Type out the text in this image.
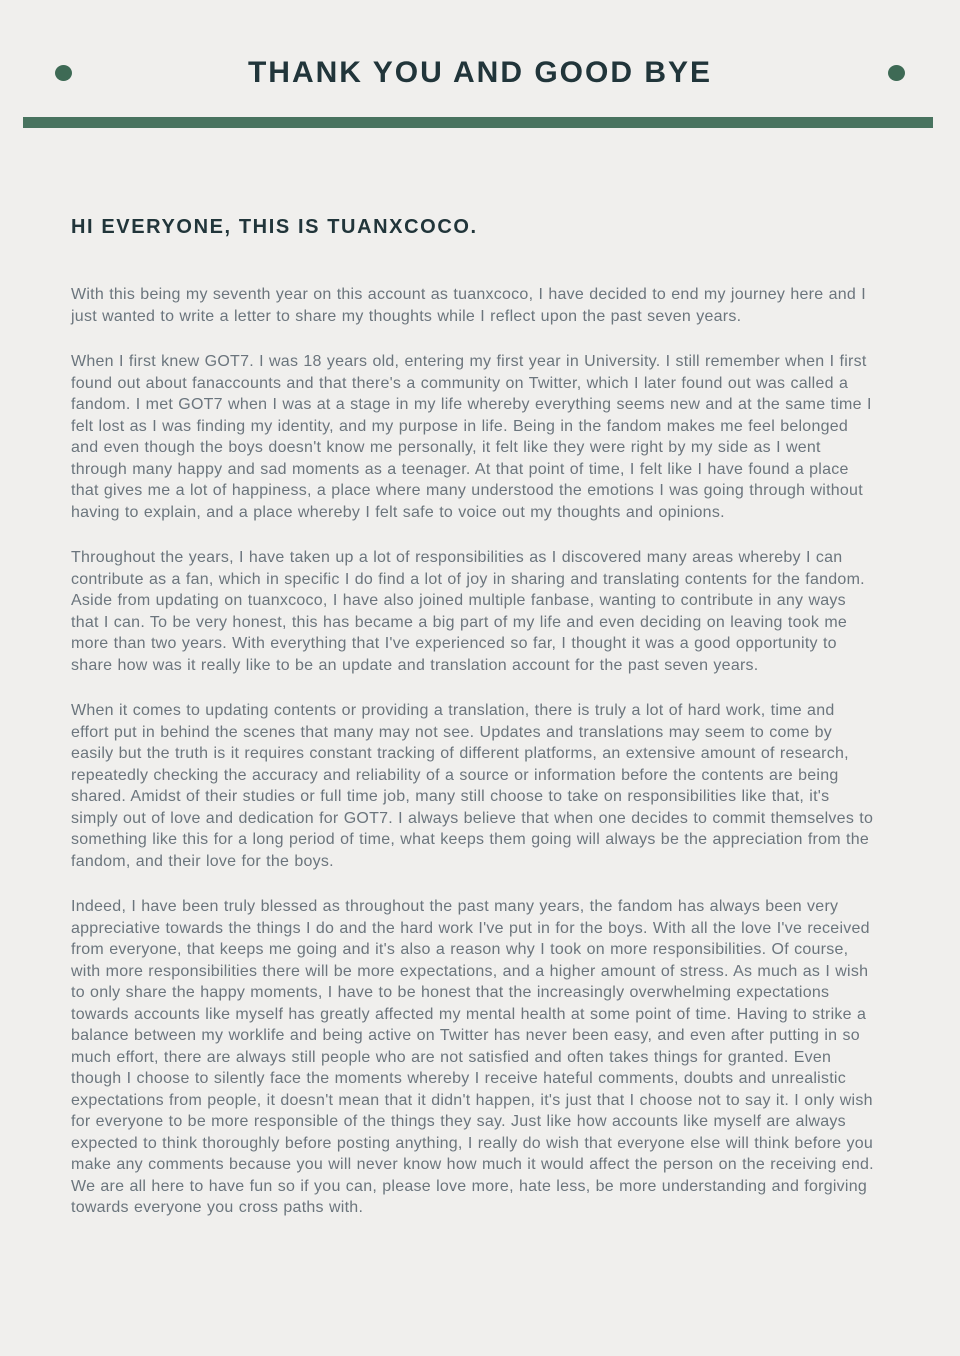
THANK YOU AND GOOD BYE
HI EVERYONE, THIS IS TUANXCOCO.

With this being my seventh year on this account as tuanxcoco, I have decided to end my journey here and I just wanted to write a letter to share my thoughts while I reflect upon the past seven years.

When I first knew GOT7. I was 18 years old, entering my first year in University. I still remember when I first found out about fanaccounts and that there's a community on Twitter, which I later found out was called a fandom. I met GOT7 when I was at a stage in my life whereby everything seems new and at the same time I felt lost as I was finding my identity, and my purpose in life. Being in the fandom makes me feel belonged and even though the boys doesn't know me personally, it felt like they were right by my side as I went through many happy and sad moments as a teenager. At that point of time, I felt like I have found a place that gives me a lot of happiness, a place where many understood the emotions I was going through without having to explain, and a place whereby I felt safe to voice out my thoughts and opinions.

Throughout the years, I have taken up a lot of responsibilities as I discovered many areas whereby I can contribute as a fan, which in specific I do find a lot of joy in sharing and translating contents for the fandom. Aside from updating on tuanxcoco, I have also joined multiple fanbase, wanting to contribute in any ways that I can. To be very honest, this has became a big part of my life and even deciding on leaving took me more than two years. With everything that I've experienced so far, I thought it was a good opportunity to share how was it really like to be an update and translation account for the past seven years.

When it comes to updating contents or providing a translation, there is truly a lot of hard work, time and effort put in behind the scenes that many may not see. Updates and translations may seem to come by easily but the truth is it requires constant tracking of different platforms, an extensive amount of research, repeatedly checking the accuracy and reliability of a source or information before the contents are being shared. Amidst of their studies or full time job, many still choose to take on responsibilities like that, it's simply out of love and dedication for GOT7. I always believe that when one decides to commit themselves to something like this for a long period of time, what keeps them going will always be the appreciation from the fandom, and their love for the boys.

Indeed, I have been truly blessed as throughout the past many years, the fandom has always been very appreciative towards the things I do and the hard work I've put in for the boys. With all the love I've received from everyone, that keeps me going and it's also a reason why I took on more responsibilities. Of course, with more responsibilities there will be more expectations, and a higher amount of stress. As much as I wish to only share the happy moments, I have to be honest that the increasingly overwhelming expectations towards accounts like myself has greatly affected my mental health at some point of time. Having to strike a balance between my worklife and being active on Twitter has never been easy, and even after putting in so much effort, there are always still people who are not satisfied and often takes things for granted. Even though I choose to silently face the moments whereby I receive hateful comments, doubts and unrealistic expectations from people, it doesn't mean that it didn't happen, it's just that I choose not to say it. I only wish for everyone to be more responsible of the things they say. Just like how accounts like myself are always expected to think thoroughly before posting anything, I really do wish that everyone else will think before you make any comments because you will never know how much it would affect the person on the receiving end. We are all here to have fun so if you can, please love more, hate less, be more understanding and forgiving towards everyone you cross paths with.
